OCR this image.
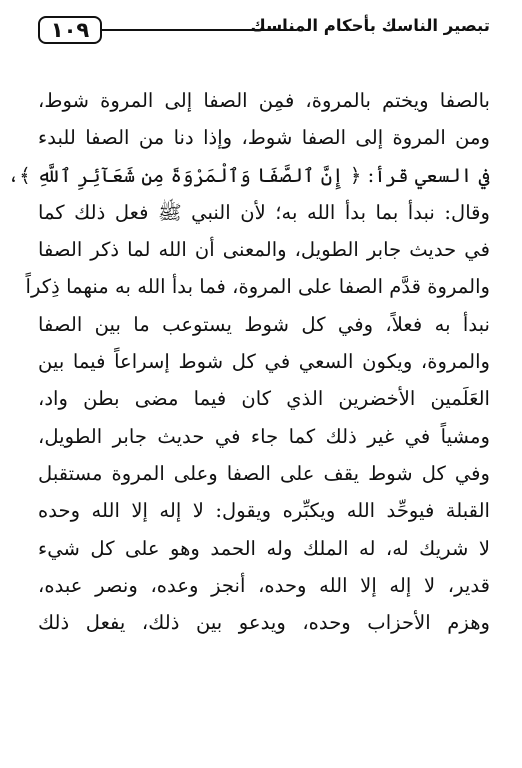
١٠٩	تبصير الناسك بأحكام المناسك
بالصفا ويختم بالمروة، فمِن الصفا إلى المروة شوط،
ومن المروة إلى الصفا شوط، وإذا دنا من الصفا للبدء
في السعي قرأ: ﴿ إِنَّ ٱلصَّفَا وَٱلْمَرْوَةَ مِن شَعَآئِرِ ٱللَّهِ ﴾،
وقال: نبدأ بما بدأ الله به؛ لأن النبي ﷺ فعل ذلك كما
في حديث جابر الطويل، والمعنى أن الله لما ذكر الصفا
والمروة قدَّم الصفا على المروة، فما بدأ الله به منهما ذِكراً
نبدأ به فعلاً، وفي كل شوط يستوعب ما بين الصفا
والمروة، ويكون السعي في كل شوط إسراعاً فيما بين
العَلَمين الأخضرين الذي كان فيما مضى بطن واد،
ومشياً في غير ذلك كما جاء في حديث جابر الطويل،
وفي كل شوط يقف على الصفا وعلى المروة مستقبل
القبلة فيوحِّد الله ويكبِّره ويقول: لا إله إلا الله وحده
لا شريك له، له الملك وله الحمد وهو على كل شيء
قدير، لا إله إلا الله وحده، أنجز وعده، ونصر عبده،
وهزم الأحزاب وحده، ويدعو بين ذلك، يفعل ذلك
